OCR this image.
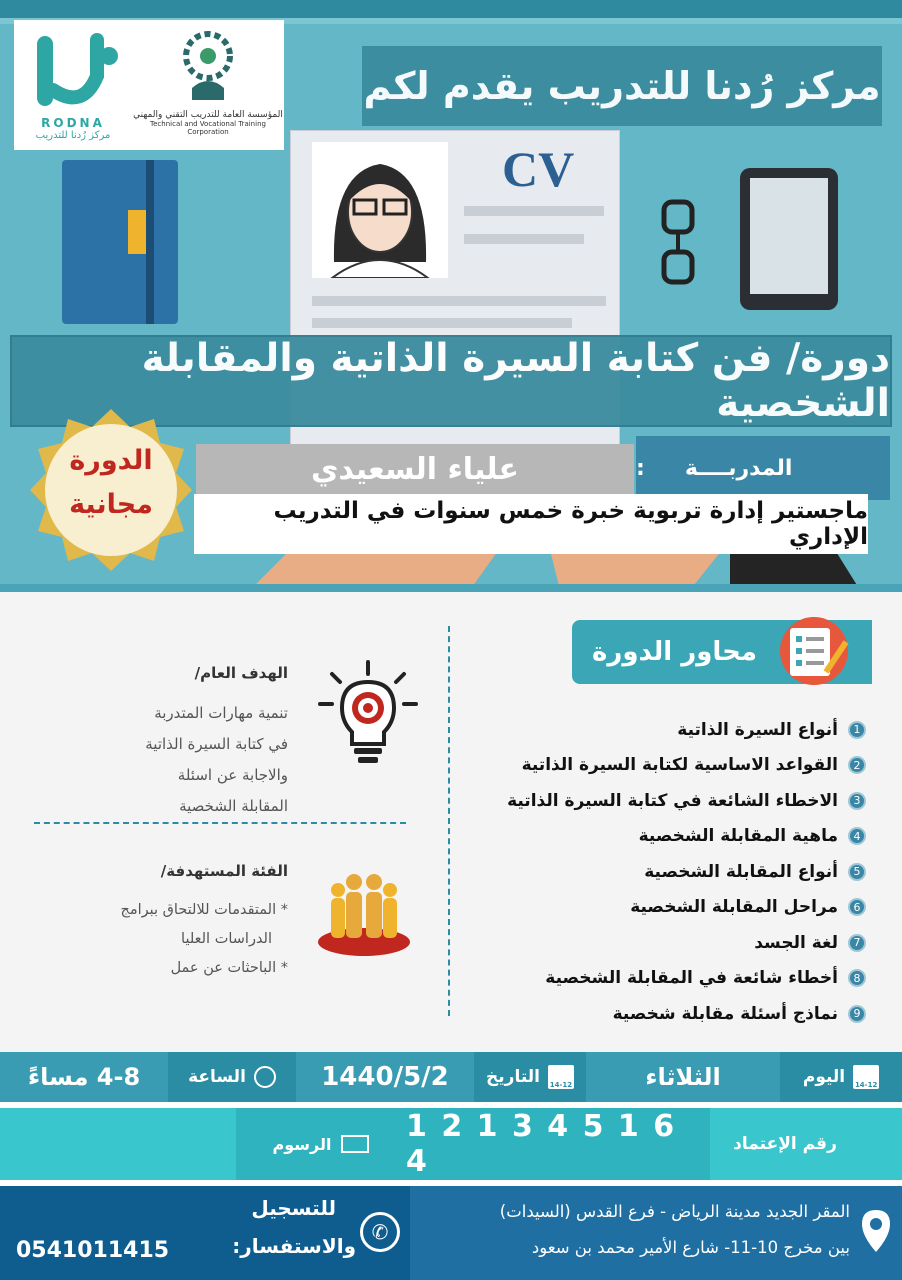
CV
RODNA
مركز رُدنا للتدريب
المؤسسة العامة للتدريب التقني والمهني
Technical and Vocational Training Corporation
مركز رُدنا للتدريب يقدم لكم
دورة/ فن كتابة السيرة الذاتية والمقابلة الشخصية
علياء السعيدي	المدربــــة
:
ماجستير إدارة تربوية خبرة خمس سنوات في التدريب الإداري
الدورة
مجانية
محاور الدورة
أنواع السيرة الذاتية	1
القواعد الاساسية لكتابة السيرة الذاتية	2
الاخطاء الشائعة في كتابة السيرة الذاتية	3
ماهية المقابلة الشخصية	4
أنواع المقابلة الشخصية	5
مراحل المقابلة الشخصية	6
لغة الجسد	7
أخطاء شائعة في المقابلة الشخصية	8
نماذج أسئلة مقابلة شخصية	9
الهدف العام/
تنمية مهارات المتدربة في كتابة السيرة الذاتية والاجابة عن اسئلة المقابلة الشخصية
الفئة المستهدفة/
* المتقدمات للالتحاق ببرامج
الدراسات العليا
* الباحثات عن عمل
4-8 مساءً	الساعة	1440/5/2	التاريخ 14-12	الثلاثاء	اليوم 14-12
الرسوم 1 2 1 3 4 5 1 6 4	رقم الإعتماد
للتسجيل
والاستفسار:
0541011415
✆
المقر الجديد مدينة الرياض - فرع القدس (السيدات)
بين مخرج 10-11- شارع الأمير محمد بن سعود
